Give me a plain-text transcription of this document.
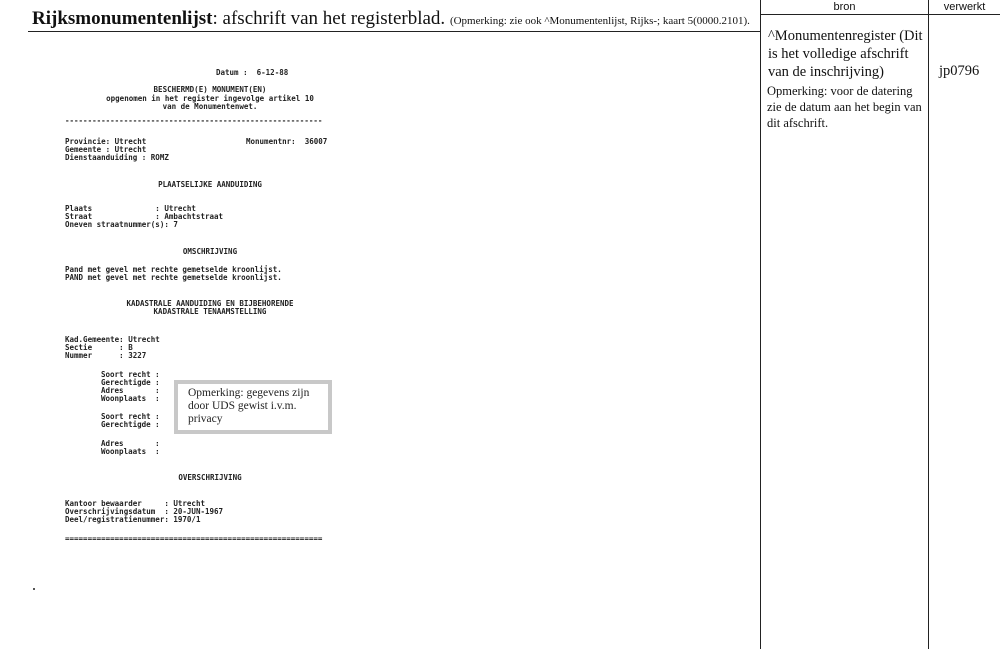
Rijksmonumentenlijst: afschrift van het registerblad. (Opmerking: zie ook ^Monumentenlijst, Rijks-; kaart 5(0000.2101).
bron	verwerkt
^Monumentenregister (Dit is het volledige afschrift van de inschrijving)	jp0796
Opmerking: voor de datering zie de datum aan het begin van dit afschrift.
Datum :  6-12-88
BESCHERMD(E) MONUMENT(EN)
opgenomen in het register ingevolge artikel 10
van de Monumentenwet.
---------------------------------------------------------
Provincie: Utrecht	Monumentnr:  36007
Gemeente : Utrecht
Dienstaanduiding : ROMZ
PLAATSELIJKE AANDUIDING
Plaats              : Utrecht
Straat              : Ambachtstraat
Oneven straatnummer(s): 7
OMSCHRIJVING
Pand met gevel met rechte gemetselde kroonlijst.
PAND met gevel met rechte gemetselde kroonlijst.
KADASTRALE AANDUIDING EN BIJBEHORENDE
KADASTRALE TENAAMSTELLING
Kad.Gemeente: Utrecht
Sectie      : B
Nummer      : 3227
Soort recht :
Gerechtigde :
Adres       :
Woonplaats  :
Soort recht :
Gerechtigde :
Adres       :
Woonplaats  :
OVERSCHRIJVING
Kantoor bewaarder     : Utrecht
Overschrijvingsdatum  : 20-JUN-1967
Deel/registratienummer: 1970/1
=========================================================
Opmerking: gegevens zijn door UDS gewist i.v.m. privacy
